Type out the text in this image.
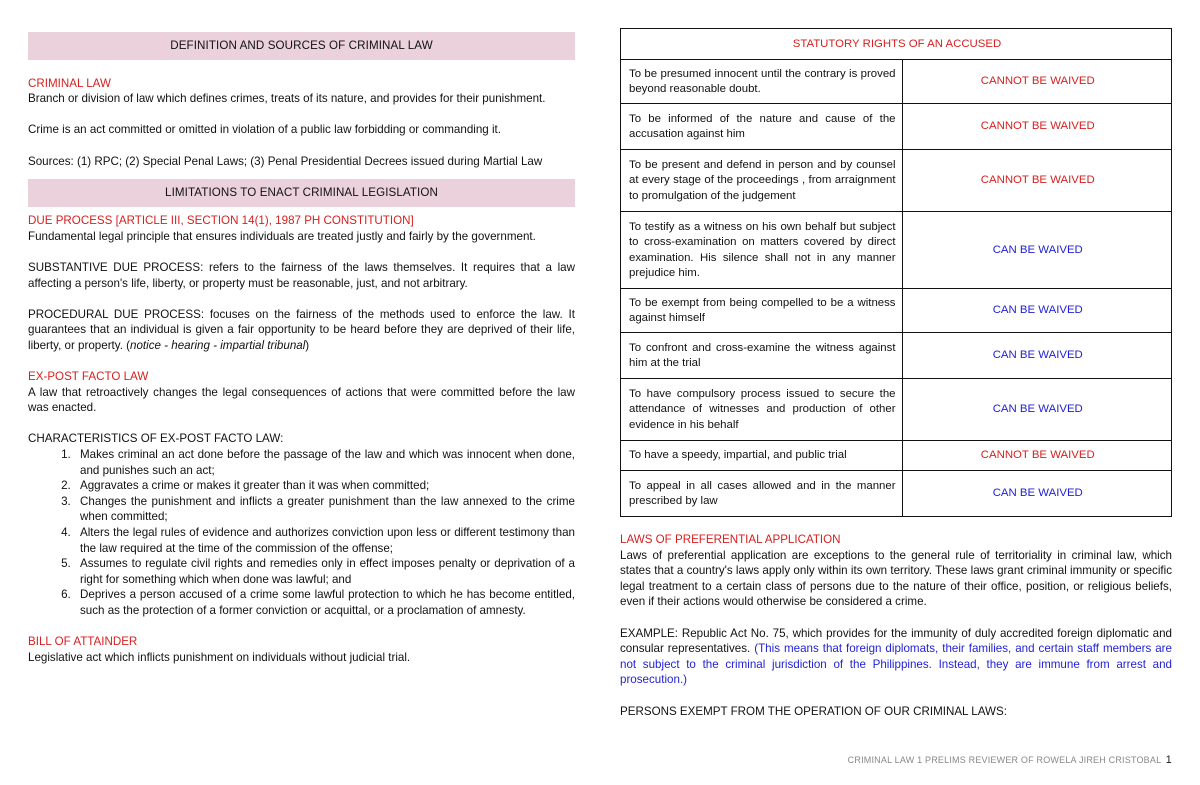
DEFINITION AND SOURCES OF CRIMINAL LAW

CRIMINAL LAW

Branch or division of law which defines crimes, treats of its nature, and provides for their punishment.

Crime is an act committed or omitted in violation of a public law forbidding or commanding it.

Sources: (1) RPC; (2) Special Penal Laws; (3) Penal Presidential Decrees issued during Martial Law

LIMITATIONS TO ENACT CRIMINAL LEGISLATION

DUE PROCESS [ARTICLE III, SECTION 14(1), 1987 PH CONSTITUTION]

Fundamental legal principle that ensures individuals are treated justly and fairly by the government.

SUBSTANTIVE DUE PROCESS: refers to the fairness of the laws themselves. It requires that a law affecting a person's life, liberty, or property must be reasonable, just, and not arbitrary.

PROCEDURAL DUE PROCESS: focuses on the fairness of the methods used to enforce the law. It guarantees that an individual is given a fair opportunity to be heard before they are deprived of their life, liberty, or property. (notice - hearing - impartial tribunal)

EX-POST FACTO LAW

A law that retroactively changes the legal consequences of actions that were committed before the law was enacted.

CHARACTERISTICS OF EX-POST FACTO LAW:

1. Makes criminal an act done before the passage of the law and which was innocent when done, and punishes such an act;
2. Aggravates a crime or makes it greater than it was when committed;
3. Changes the punishment and inflicts a greater punishment than the law annexed to the crime when committed;
4. Alters the legal rules of evidence and authorizes conviction upon less or different testimony than the law required at the time of the commission of the offense;
5. Assumes to regulate civil rights and remedies only in effect imposes penalty or deprivation of a right for something which when done was lawful; and
6. Deprives a person accused of a crime some lawful protection to which he has become entitled, such as the protection of a former conviction or acquittal, or a proclamation of amnesty.

BILL OF ATTAINDER

Legislative act which inflicts punishment on individuals without judicial trial.

STATUTORY RIGHTS OF AN ACCUSED	
To be presumed innocent until the contrary is proved beyond reasonable doubt.	CANNOT BE WAIVED
To be informed of the nature and cause of the accusation against him	CANNOT BE WAIVED
To be present and defend in person and by counsel at every stage of the proceedings , from arraignment to promulgation of the judgement	CANNOT BE WAIVED
To testify as a witness on his own behalf but subject to cross-examination on matters covered by direct examination. His silence shall not in any manner prejudice him.	CAN BE WAIVED
To be exempt from being compelled to be a witness against himself	CAN BE WAIVED
To confront and cross-examine the witness against him at the trial	CAN BE WAIVED
To have compulsory process issued to secure the attendance of witnesses and production of other evidence in his behalf	CAN BE WAIVED
To have a speedy, impartial, and public trial	CANNOT BE WAIVED
To appeal in all cases allowed and in the manner prescribed by law	CAN BE WAIVED

LAWS OF PREFERENTIAL APPLICATION

Laws of preferential application are exceptions to the general rule of territoriality in criminal law, which states that a country's laws apply only within its own territory. These laws grant criminal immunity or specific legal treatment to a certain class of persons due to the nature of their office, position, or religious beliefs, even if their actions would otherwise be considered a crime.

EXAMPLE: Republic Act No. 75, which provides for the immunity of duly accredited foreign diplomatic and consular representatives. (This means that foreign diplomats, their families, and certain staff members are not subject to the criminal jurisdiction of the Philippines. Instead, they are immune from arrest and prosecution.)

PERSONS EXEMPT FROM THE OPERATION OF OUR CRIMINAL LAWS:

CRIMINAL LAW 1 PRELIMS REVIEWER OF ROWELA JIREH CRISTOBAL 1
